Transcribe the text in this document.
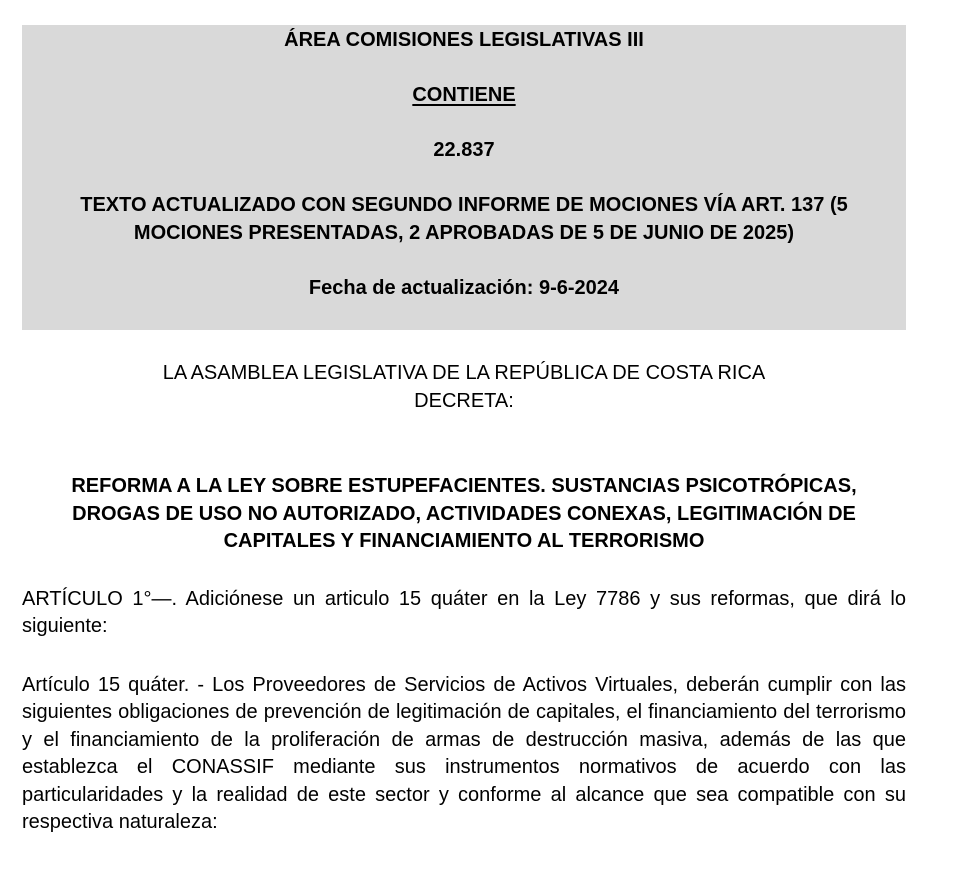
ÁREA COMISIONES LEGISLATIVAS III

CONTIENE

22.837

TEXTO ACTUALIZADO CON SEGUNDO INFORME DE MOCIONES VÍA ART. 137 (5 MOCIONES PRESENTADAS, 2 APROBADAS DE 5 DE JUNIO DE 2025)

Fecha de actualización: 9-6-2024

LA ASAMBLEA LEGISLATIVA DE LA REPÚBLICA DE COSTA RICA
DECRETA:
REFORMA A LA LEY SOBRE ESTUPEFACIENTES. SUSTANCIAS PSICOTRÓPICAS, DROGAS DE USO NO AUTORIZADO, ACTIVIDADES CONEXAS, LEGITIMACIÓN DE CAPITALES Y FINANCIAMIENTO AL TERRORISMO

ARTÍCULO 1°—. Adiciónese un articulo 15 quáter en la Ley 7786 y sus reformas, que dirá lo siguiente:

Artículo 15 quáter. - Los Proveedores de Servicios de Activos Virtuales, deberán cumplir con las siguientes obligaciones de prevención de legitimación de capitales, el financiamiento del terrorismo y el financiamiento de la proliferación de armas de destrucción masiva, además de las que establezca el CONASSIF mediante sus instrumentos normativos de acuerdo con las particularidades y la realidad de este sector y conforme al alcance que sea compatible con su respectiva naturaleza:
